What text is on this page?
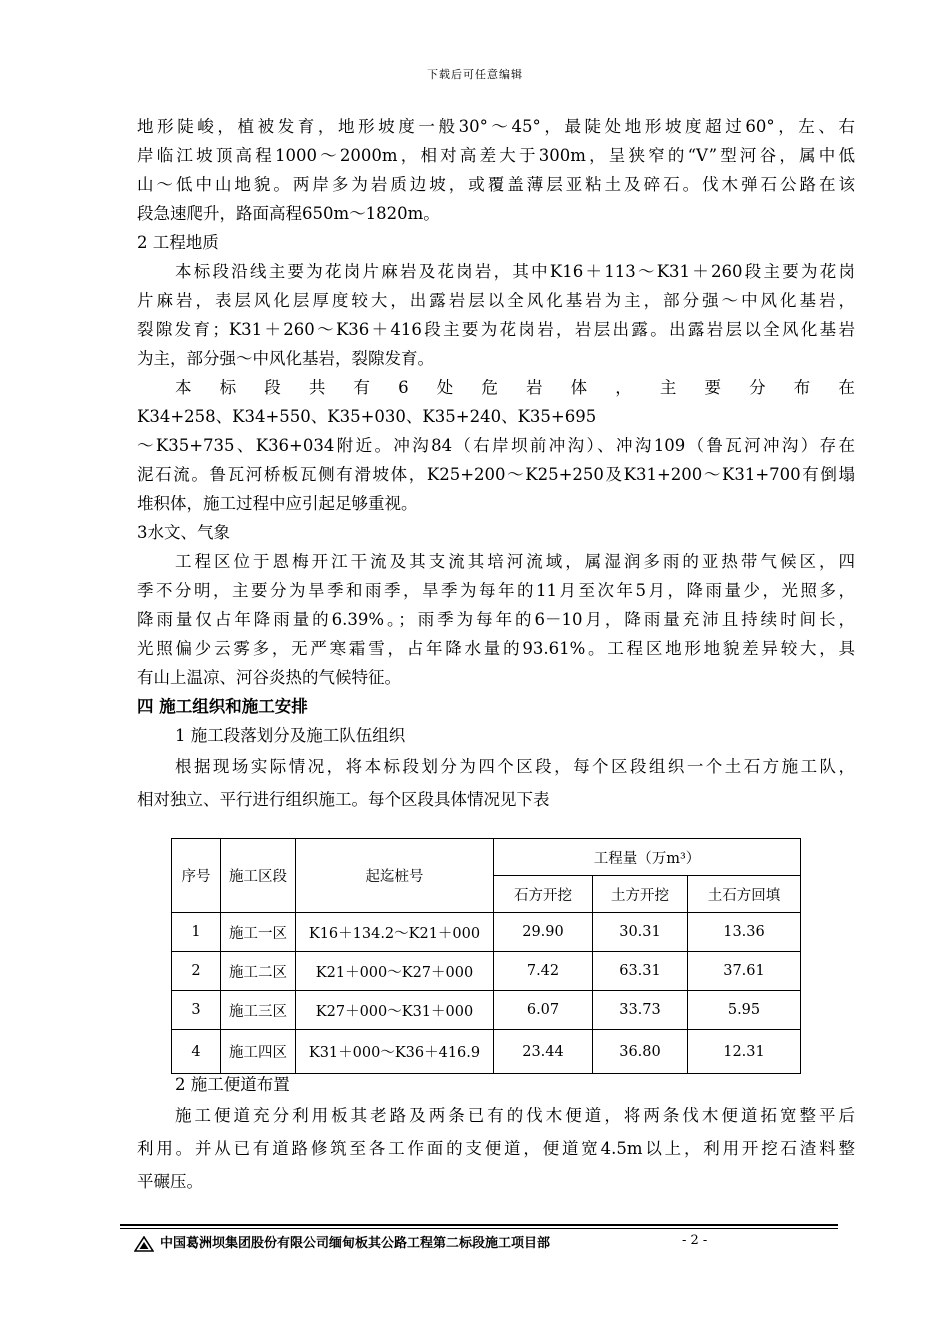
下载后可任意编辑
地形陡峻，植被发育，地形坡度一般30°～45°，最陡处地形坡度超过60°，左、右
岸临江坡顶高程1000～2000m，相对高差大于300m，呈狭窄的“V”型河谷，属中低
山～低中山地貌。两岸多为岩质边坡，或覆盖薄层亚粘土及碎石。伐木弹石公路在该
段急速爬升，路面高程650m～1820m。
2 工程地质
本标段沿线主要为花岗片麻岩及花岗岩，其中K16＋113～K31＋260段主要为花岗
片麻岩，表层风化层厚度较大，出露岩层以全风化基岩为主，部分强～中风化基岩，
裂隙发育；K31＋260～K36＋416段主要为花岗岩，岩层出露。出露岩层以全风化基岩
为主，部分强～中风化基岩，裂隙发育。
本 标 段 共 有 6 处 危 岩 体 ， 主 要 分 布 在
K34+258、K34+550、K35+030、K35+240、K35+695
～K35+735、K36+034附近。冲沟84（右岸坝前冲沟）、冲沟109（鲁瓦河冲沟）存在
泥石流。鲁瓦河桥板瓦侧有滑坡体，K25+200～K25+250及K31+200～K31+700有倒塌
堆积体，施工过程中应引起足够重视。
3水文、气象
工程区位于恩梅开江干流及其支流其培河流域，属湿润多雨的亚热带气候区，四
季不分明，主要分为旱季和雨季，旱季为每年的11月至次年5月，降雨量少，光照多，
降雨量仅占年降雨量的6.39%。；雨季为每年的6－10月，降雨量充沛且持续时间长，
光照偏少云雾多，无严寒霜雪，占年降水量的93.61%。工程区地形地貌差异较大，具
有山上温凉、河谷炎热的气候特征。
四 施工组织和施工安排
1 施工段落划分及施工队伍组织
根据现场实际情况，将本标段划分为四个区段，每个区段组织一个土石方施工队，
相对独立、平行进行组织施工。每个区段具体情况见下表
序号	施工区段	起迄桩号	工程量（万m³）		
			石方开挖	土方开挖	土石方回填
1	施工一区	K16＋134.2～K21＋000	29.90	30.31	13.36
2	施工二区	K21＋000～K27＋000	7.42	63.31	37.61
3	施工三区	K27＋000～K31＋000	6.07	33.73	5.95
4	施工四区	K31＋000～K36＋416.9	23.44	36.80	12.31
2 施工便道布置
施工便道充分利用板其老路及两条已有的伐木便道，将两条伐木便道拓宽整平后
利用。并从已有道路修筑至各工作面的支便道，便道宽4.5m以上，利用开挖石渣料整
平碾压。
中国葛洲坝集团股份有限公司缅甸板其公路工程第二标段施工项目部	- 2 -
